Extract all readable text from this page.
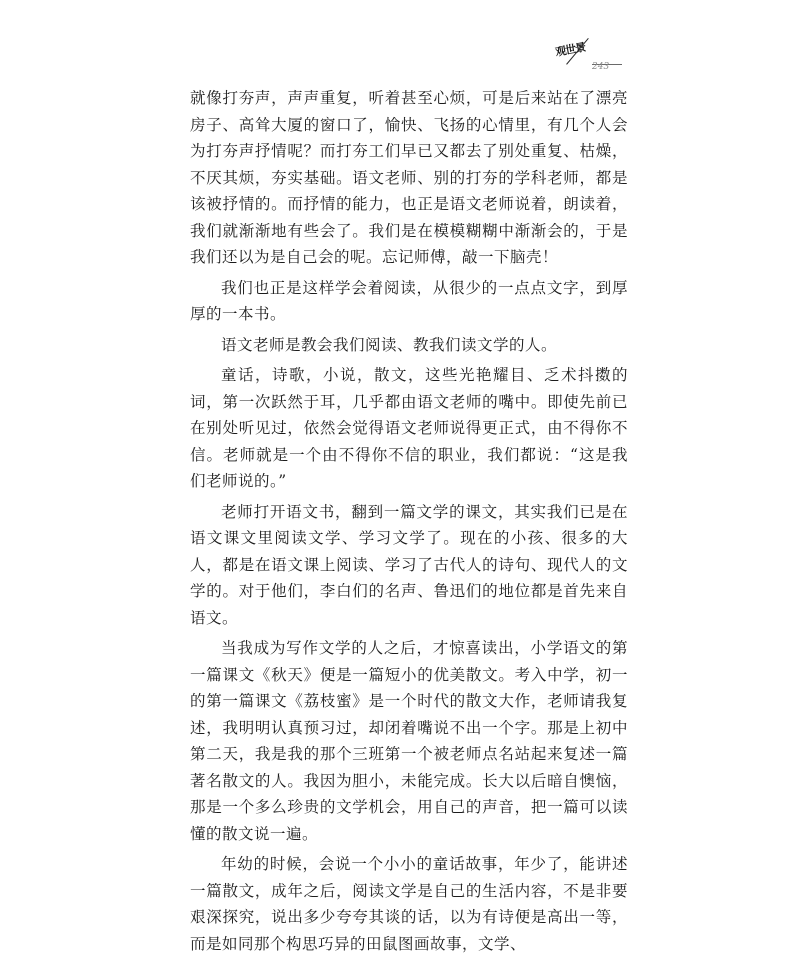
观世景
243

就像打夯声，声声重复，听着甚至心烦，可是后来站在了漂亮房子、高耸大厦的窗口了，愉快、飞扬的心情里，有几个人会为打夯声抒情呢？而打夯工们早已又都去了别处重复、枯燥，不厌其烦，夯实基础。语文老师、别的打夯的学科老师，都是该被抒情的。而抒情的能力，也正是语文老师说着，朗读着，我们就渐渐地有些会了。我们是在模模糊糊中渐渐会的，于是我们还以为是自己会的呢。忘记师傅，敲一下脑壳！

我们也正是这样学会着阅读，从很少的一点点文字，到厚厚的一本书。

语文老师是教会我们阅读、教我们读文学的人。

童话，诗歌，小说，散文，这些光艳耀目、乏术抖擞的词，第一次跃然于耳，几乎都由语文老师的嘴中。即使先前已在别处听见过，依然会觉得语文老师说得更正式，由不得你不信。老师就是一个由不得你不信的职业，我们都说：“这是我们老师说的。”

老师打开语文书，翻到一篇文学的课文，其实我们已是在语文课文里阅读文学、学习文学了。现在的小孩、很多的大人，都是在语文课上阅读、学习了古代人的诗句、现代人的文学的。对于他们，李白们的名声、鲁迅们的地位都是首先来自语文。

当我成为写作文学的人之后，才惊喜读出，小学语文的第一篇课文《秋天》便是一篇短小的优美散文。考入中学，初一的第一篇课文《荔枝蜜》是一个时代的散文大作，老师请我复述，我明明认真预习过，却闭着嘴说不出一个字。那是上初中第二天，我是我的那个三班第一个被老师点名站起来复述一篇著名散文的人。我因为胆小，未能完成。长大以后暗自懊恼，那是一个多么珍贵的文学机会，用自己的声音，把一篇可以读懂的散文说一遍。

年幼的时候，会说一个小小的童话故事，年少了，能讲述一篇散文，成年之后，阅读文学是自己的生活内容，不是非要艰深探究，说出多少夸夸其谈的话，以为有诗便是高出一等，而是如同那个构思巧异的田鼠图画故事，文学、
